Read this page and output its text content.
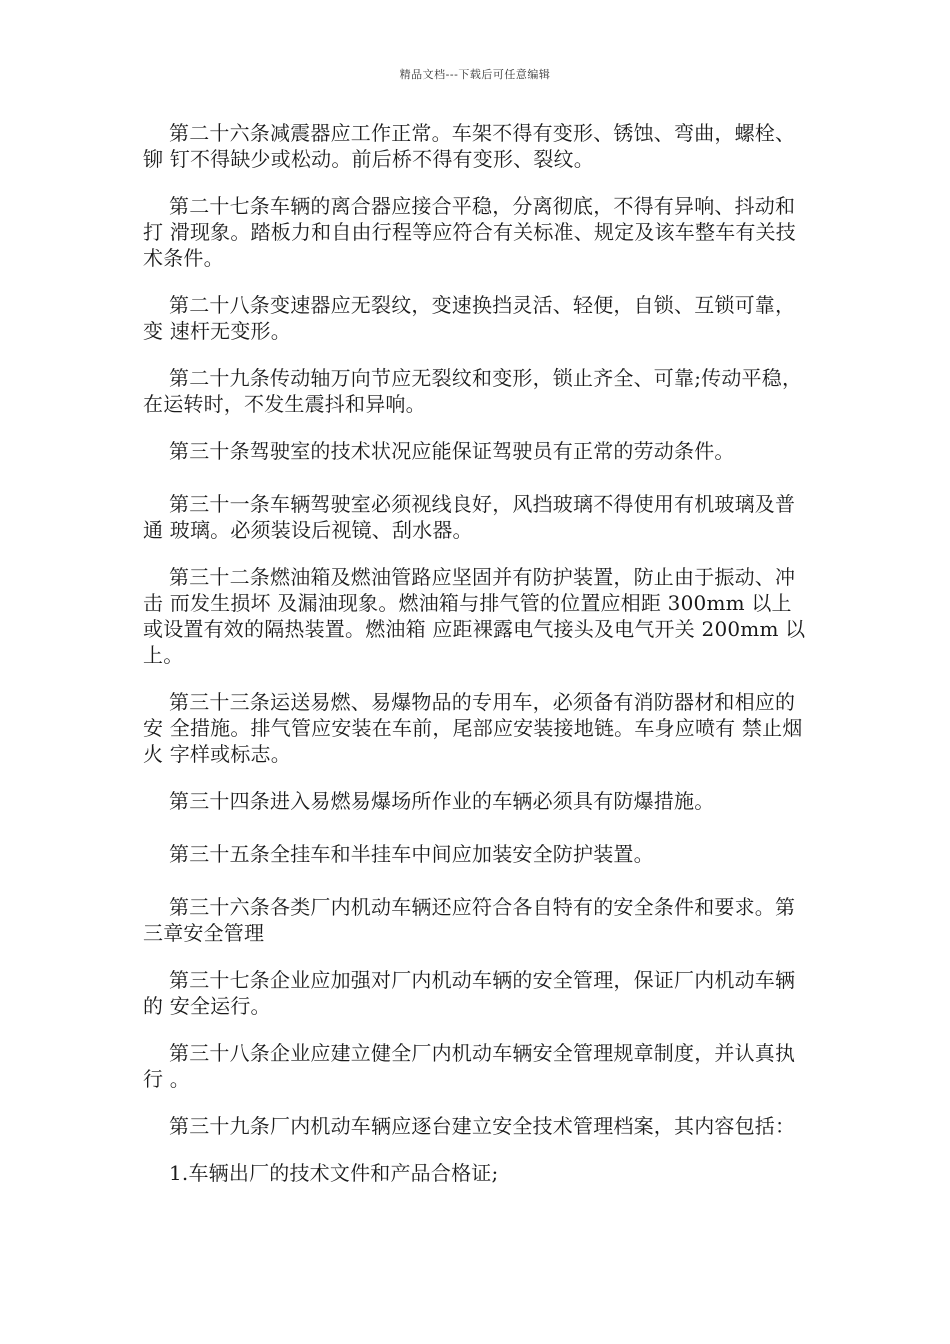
精品文档---下载后可任意编辑

第二十六条减震器应工作正常。车架不得有变形、锈蚀、弯曲，螺栓、铆 钉不得缺少或松动。前后桥不得有变形、裂纹。

第二十七条车辆的离合器应接合平稳，分离彻底，不得有异响、抖动和打 滑现象。踏板力和自由行程等应符合有关标准、规定及该车整车有关技术条件。

第二十八条变速器应无裂纹，变速换挡灵活、轻便，自锁、互锁可靠，变 速杆无变形。

第二十九条传动轴万向节应无裂纹和变形，锁止齐全、可靠;传动平稳，  在运转时，不发生震抖和异响。

第三十条驾驶室的技术状况应能保证驾驶员有正常的劳动条件。

第三十一条车辆驾驶室必须视线良好，风挡玻璃不得使用有机玻璃及普通 玻璃。必须装设后视镜、刮水器。

第三十二条燃油箱及燃油管路应坚固并有防护装置，防止由于振动、冲击 而发生损坏 及漏油现象。燃油箱与排气管的位置应相距 300mm 以上或设置有效的隔热装置。燃油箱 应距裸露电气接头及电气开关 200mm 以上。

第三十三条运送易燃、易爆物品的专用车，必须备有消防器材和相应的安 全措施。排气管应安装在车前，尾部应安装接地链。车身应喷有 禁止烟火 字样或标志。

第三十四条进入易燃易爆场所作业的车辆必须具有防爆措施。

第三十五条全挂车和半挂车中间应加装安全防护装置。

第三十六条各类厂内机动车辆还应符合各自特有的安全条件和要求。第三章安全管理

第三十七条企业应加强对厂内机动车辆的安全管理，保证厂内机动车辆的 安全运行。

第三十八条企业应建立健全厂内机动车辆安全管理规章制度，并认真执行 。

第三十九条厂内机动车辆应逐台建立安全技术管理档案，其内容包括：

1.车辆出厂的技术文件和产品合格证;
